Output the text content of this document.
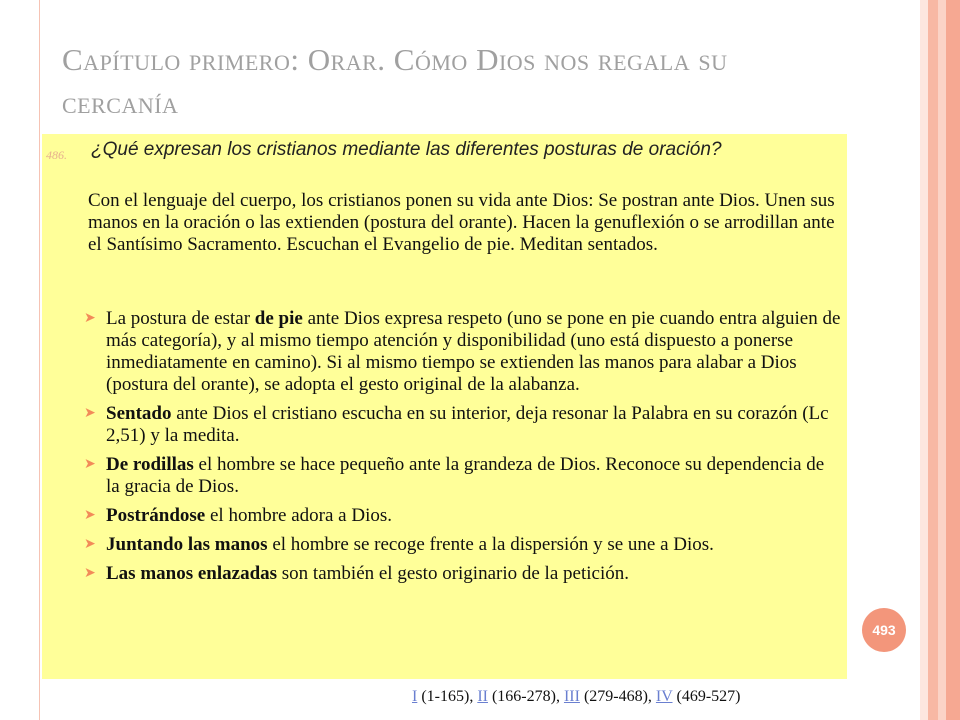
Capítulo primero: Orar. Cómo Dios nos regala su cercanía
486. ¿Qué expresan los cristianos mediante las diferentes posturas de oración?
Con el lenguaje del cuerpo, los cristianos ponen su vida ante Dios: Se postran ante Dios. Unen sus manos en la oración o las extienden (postura del orante). Hacen la genuflexión o se arrodillan ante el Santísimo Sacramento. Escuchan el Evangelio de pie. Meditan sentados.
➤ La postura de estar de pie ante Dios expresa respeto (uno se pone en pie cuando entra alguien de más categoría), y al mismo tiempo atención y disponibilidad (uno está dispuesto a ponerse inmediatamente en camino). Si al mismo tiempo se extienden las manos para alabar a Dios (postura del orante), se adopta el gesto original de la alabanza.
➤ Sentado ante Dios el cristiano escucha en su interior, deja resonar la Palabra en su corazón (Lc 2,51) y la medita.
➤ De rodillas el hombre se hace pequeño ante la grandeza de Dios. Reconoce su dependencia de la gracia de Dios.
➤ Postrándose el hombre adora a Dios.
➤ Juntando las manos el hombre se recoge frente a la dispersión y se une a Dios.
➤ Las manos enlazadas son también el gesto originario de la petición.
493
I (1-165), II (166-278), III (279-468), IV (469-527)
